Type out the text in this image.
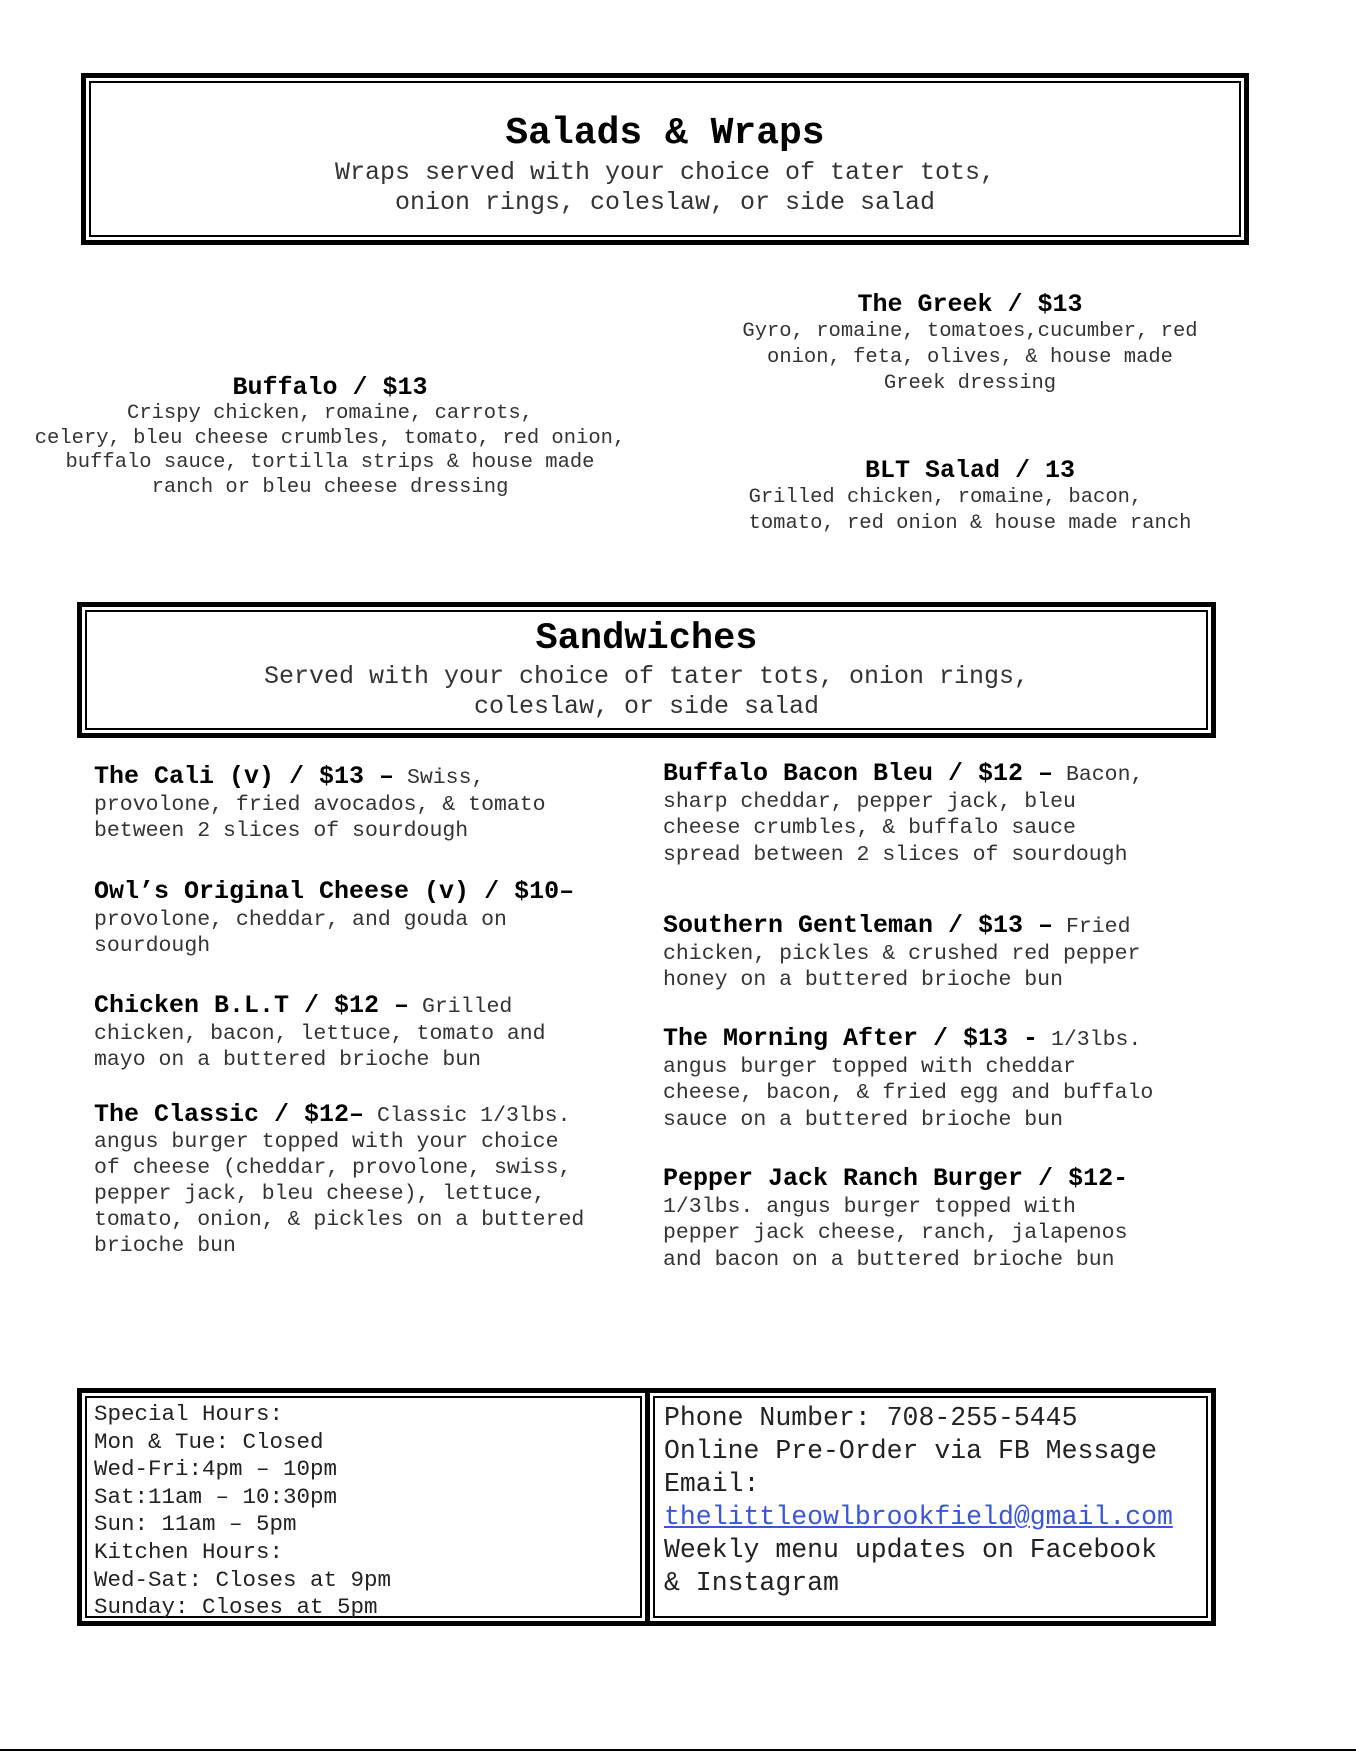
Salads & Wraps
Wraps served with your choice of tater tots,
onion rings, coleslaw, or side salad
Buffalo / $13
Crispy chicken, romaine, carrots,
celery, bleu cheese crumbles, tomato, red onion,
buffalo sauce, tortilla strips & house made
ranch or bleu cheese dressing
The Greek / $13
Gyro, romaine, tomatoes,cucumber, red
onion, feta, olives, & house made
Greek dressing
BLT Salad / 13
Grilled chicken, romaine, bacon,
tomato, red onion & house made ranch
Sandwiches
Served with your choice of tater tots, onion rings,
coleslaw, or side salad
The Cali (v) / $13 – Swiss,
provolone, fried avocados, & tomato
between 2 slices of sourdough
Owl’s Original Cheese (v) / $10–
provolone, cheddar, and gouda on
sourdough
Chicken B.L.T / $12 – Grilled
chicken, bacon, lettuce, tomato and
mayo on a buttered brioche bun
The Classic / $12– Classic 1/3lbs.
angus burger topped with your choice
of cheese (cheddar, provolone, swiss,
pepper jack, bleu cheese), lettuce,
tomato, onion, & pickles on a buttered
brioche bun
Buffalo Bacon Bleu / $12 – Bacon,
sharp cheddar, pepper jack, bleu
cheese crumbles, & buffalo sauce
spread between 2 slices of sourdough
Southern Gentleman / $13 – Fried
chicken, pickles & crushed red pepper
honey on a buttered brioche bun
The Morning After / $13 - 1/3lbs.
angus burger topped with cheddar
cheese, bacon, & fried egg and buffalo
sauce on a buttered brioche bun
Pepper Jack Ranch Burger / $12-
1/3lbs. angus burger topped with
pepper jack cheese, ranch, jalapenos
and bacon on a buttered brioche bun
Special Hours:
Mon & Tue: Closed
Wed-Fri:4pm – 10pm
Sat:11am – 10:30pm
Sun: 11am – 5pm
Kitchen Hours:
Wed-Sat: Closes at 9pm
Sunday: Closes at 5pm
Phone Number: 708-255-5445
Online Pre-Order via FB Message
Email:
thelittleowlbrookfield@gmail.com
Weekly menu updates on Facebook
& Instagram
